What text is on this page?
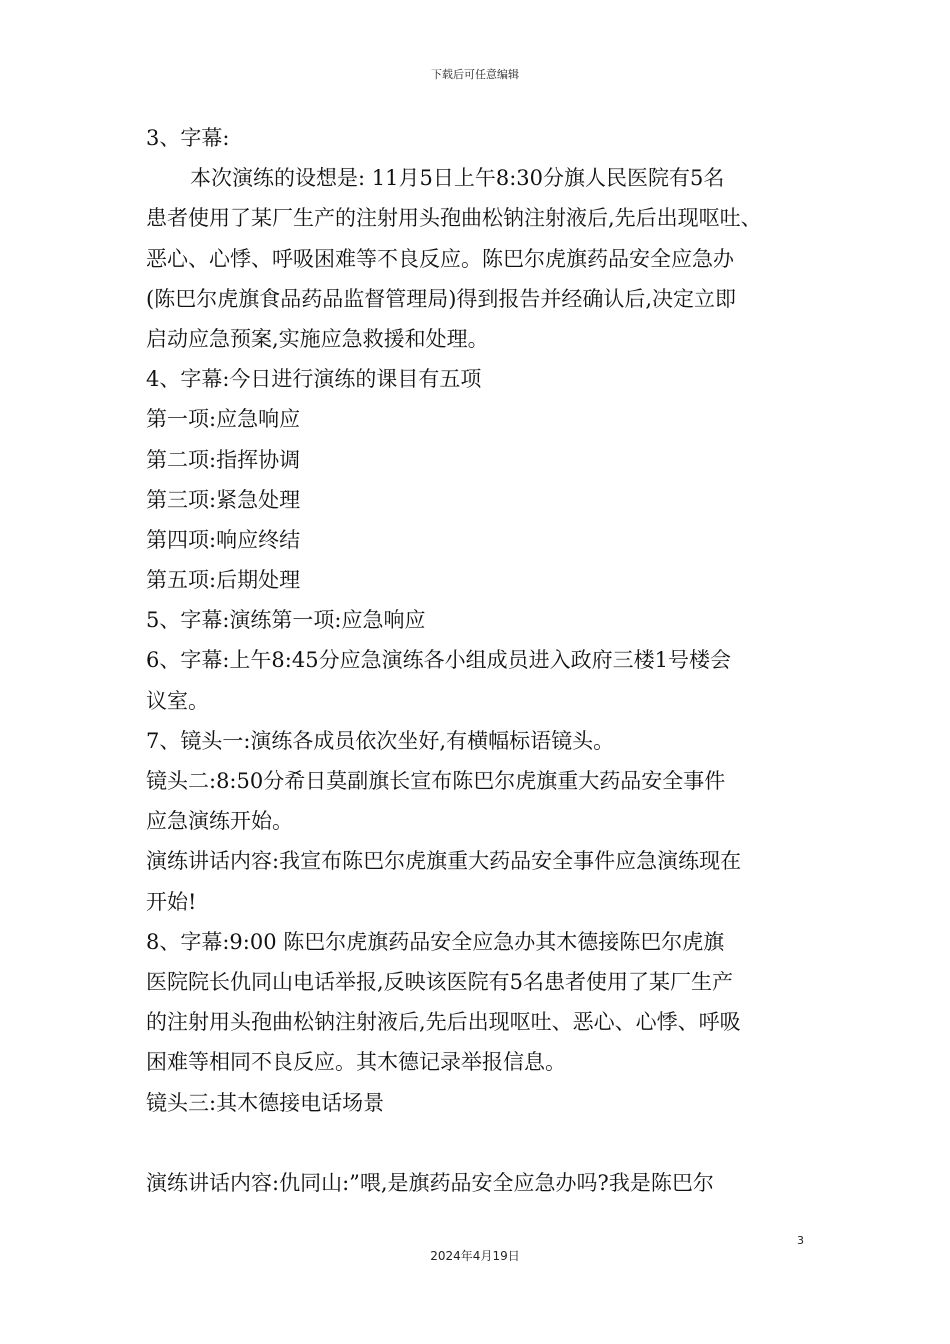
下载后可任意编辑
3、字幕:
本次演练的设想是: 11月5日上午8:30分旗人民医院有5名
患者使用了某厂生产的注射用头孢曲松钠注射液后,先后出现呕吐、
恶心、心悸、呼吸困难等不良反应。陈巴尔虎旗药品安全应急办
(陈巴尔虎旗食品药品监督管理局)得到报告并经确认后,决定立即
启动应急预案,实施应急救援和处理。
4、字幕:今日进行演练的课目有五项
第一项:应急响应
第二项:指挥协调
第三项:紧急处理
第四项:响应终结
第五项:后期处理
5、字幕:演练第一项:应急响应
6、字幕:上午8:45分应急演练各小组成员进入政府三楼1号楼会
议室。
7、镜头一:演练各成员依次坐好,有横幅标语镜头。
镜头二:8:50分希日莫副旗长宣布陈巴尔虎旗重大药品安全事件
应急演练开始。
演练讲话内容:我宣布陈巴尔虎旗重大药品安全事件应急演练现在
开始!
8、字幕:9:00 陈巴尔虎旗药品安全应急办其木德接陈巴尔虎旗
医院院长仇同山电话举报,反映该医院有5名患者使用了某厂生产
的注射用头孢曲松钠注射液后,先后出现呕吐、恶心、心悸、呼吸
困难等相同不良反应。其木德记录举报信息。
镜头三:其木德接电话场景
演练讲话内容:仇同山:”喂,是旗药品安全应急办吗?我是陈巴尔
3
2024年4月19日
